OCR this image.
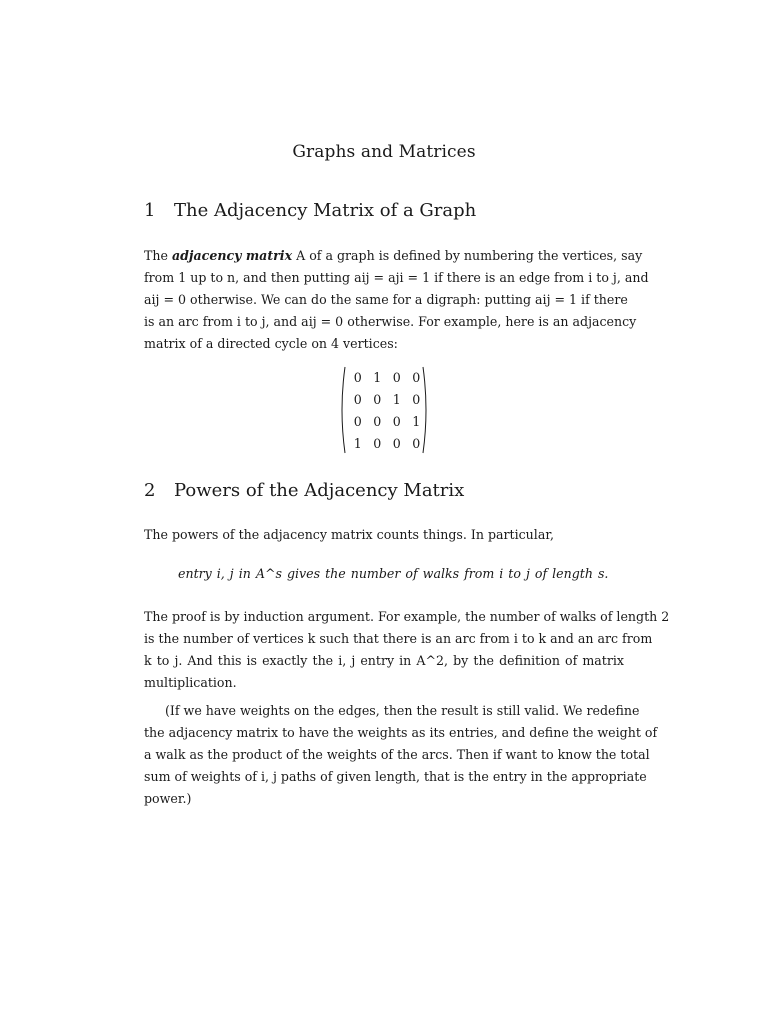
Graphs and Matrices
1 The Adjacency Matrix of a Graph
The adjacency matrix A of a graph is defined by numbering the vertices, say
from 1 up to n, and then putting aij = aji = 1 if there is an edge from i to j, and
aij = 0 otherwise. We can do the same for a digraph: putting aij = 1 if there
is an arc from i to j, and aij = 0 otherwise. For example, here is an adjacency
matrix of a directed cycle on 4 vertices:
0	1	0	0
0	0	1	0
0	0	0	1
1	0	0	0
2 Powers of the Adjacency Matrix
The powers of the adjacency matrix counts things. In particular,
entry i, j in A^s gives the number of walks from i to j of length s.
The proof is by induction argument. For example, the number of walks of length 2
is the number of vertices k such that there is an arc from i to k and an arc from
k to j. And this is exactly the i, j entry in A^2, by the definition of matrix
multiplication.
(If we have weights on the edges, then the result is still valid. We redefine
the adjacency matrix to have the weights as its entries, and define the weight of
a walk as the product of the weights of the arcs. Then if want to know the total
sum of weights of i, j paths of given length, that is the entry in the appropriate
power.)
